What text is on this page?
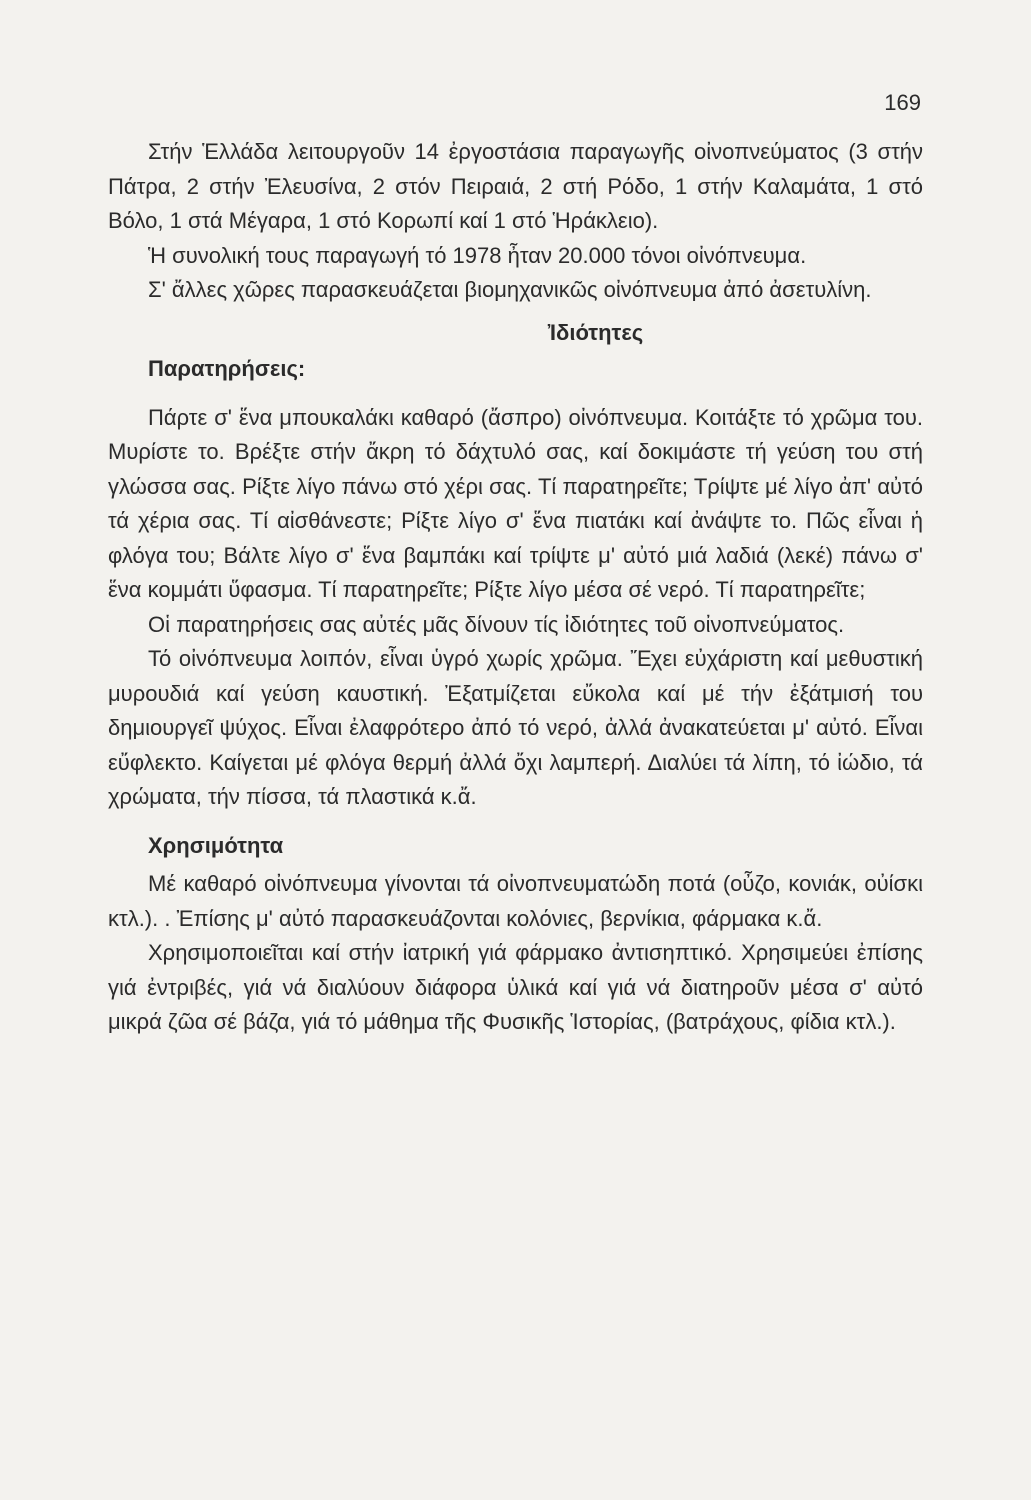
169

Στήν Ἑλλάδα λειτουργοῦν 14 ἐργοστάσια παραγωγῆς οἰνοπνεύματος (3 στήν Πάτρα, 2 στήν Ἐλευσίνα, 2 στόν Πειραιά, 2 στή Ρόδο, 1 στήν Καλαμάτα, 1 στό Βόλο, 1 στά Μέγαρα, 1 στό Κορωπί καί 1 στό Ἡράκλειο).

Ἡ συνολική τους παραγωγή τό 1978 ἦταν 20.000 τόνοι οἰνόπνευμα.

Σ' ἄλλες χῶρες παρασκευάζεται βιομηχανικῶς οἰνόπνευμα ἀπό ἀσετυλίνη.

Ἰδιότητες
Παρατηρήσεις:

Πάρτε σ' ἕνα μπουκαλάκι καθαρό (ἄσπρο) οἰνόπνευμα. Κοιτάξτε τό χρῶμα του. Μυρίστε το. Βρέξτε στήν ἄκρη τό δάχτυλό σας, καί δοκιμάστε τή γεύση του στή γλώσσα σας. Ρίξτε λίγο πάνω στό χέρι σας. Τί παρατηρεῖτε; Τρίψτε μέ λίγο ἀπ' αὐτό τά χέρια σας. Τί αἰσθάνεστε; Ρίξτε λίγο σ' ἕνα πιατάκι καί ἀνάψτε το. Πῶς εἶναι ἡ φλόγα του; Βάλτε λίγο σ' ἕνα βαμπάκι καί τρίψτε μ' αὐτό μιά λαδιά (λεκέ) πάνω σ' ἕνα κομμάτι ὕφασμα. Τί παρατηρεῖτε; Ρίξτε λίγο μέσα σέ νερό. Τί παρατηρεῖτε;

Οἱ παρατηρήσεις σας αὐτές μᾶς δίνουν τίς ἰδιότητες τοῦ οἰνοπνεύματος.

Τό οἰνόπνευμα λοιπόν, εἶναι ὑγρό χωρίς χρῶμα. Ἔχει εὐχάριστη καί μεθυστική μυρουδιά καί γεύση καυστική. Ἐξατμίζεται εὔκολα καί μέ τήν ἐξάτμισή του δημιουργεῖ ψύχος. Εἶναι ἐλαφρότερο ἀπό τό νερό, ἀλλά ἀνακατεύεται μ' αὐτό. Εἶναι εὔφλεκτο. Καίγεται μέ φλόγα θερμή ἀλλά ὄχι λαμπερή. Διαλύει τά λίπη, τό ἰώδιο, τά χρώματα, τήν πίσσα, τά πλαστικά κ.ἄ.

Χρησιμότητα

Μέ καθαρό οἰνόπνευμα γίνονται τά οἰνοπνευματώδη ποτά (οὖζο, κονιάκ, οὐίσκι κτλ.). . Ἐπίσης μ' αὐτό παρασκευάζονται κολόνιες, βερνίκια, φάρμακα κ.ἄ.

Χρησιμοποιεῖται καί στήν ἰατρική γιά φάρμακο ἀντισηπτικό. Χρησιμεύει ἐπίσης γιά ἐντριβές, γιά νά διαλύουν διάφορα ὑλικά καί γιά νά διατηροῦν μέσα σ' αὐτό μικρά ζῶα σέ βάζα, γιά τό μάθημα τῆς Φυσικῆς Ἱστορίας, (βατράχους, φίδια κτλ.).
